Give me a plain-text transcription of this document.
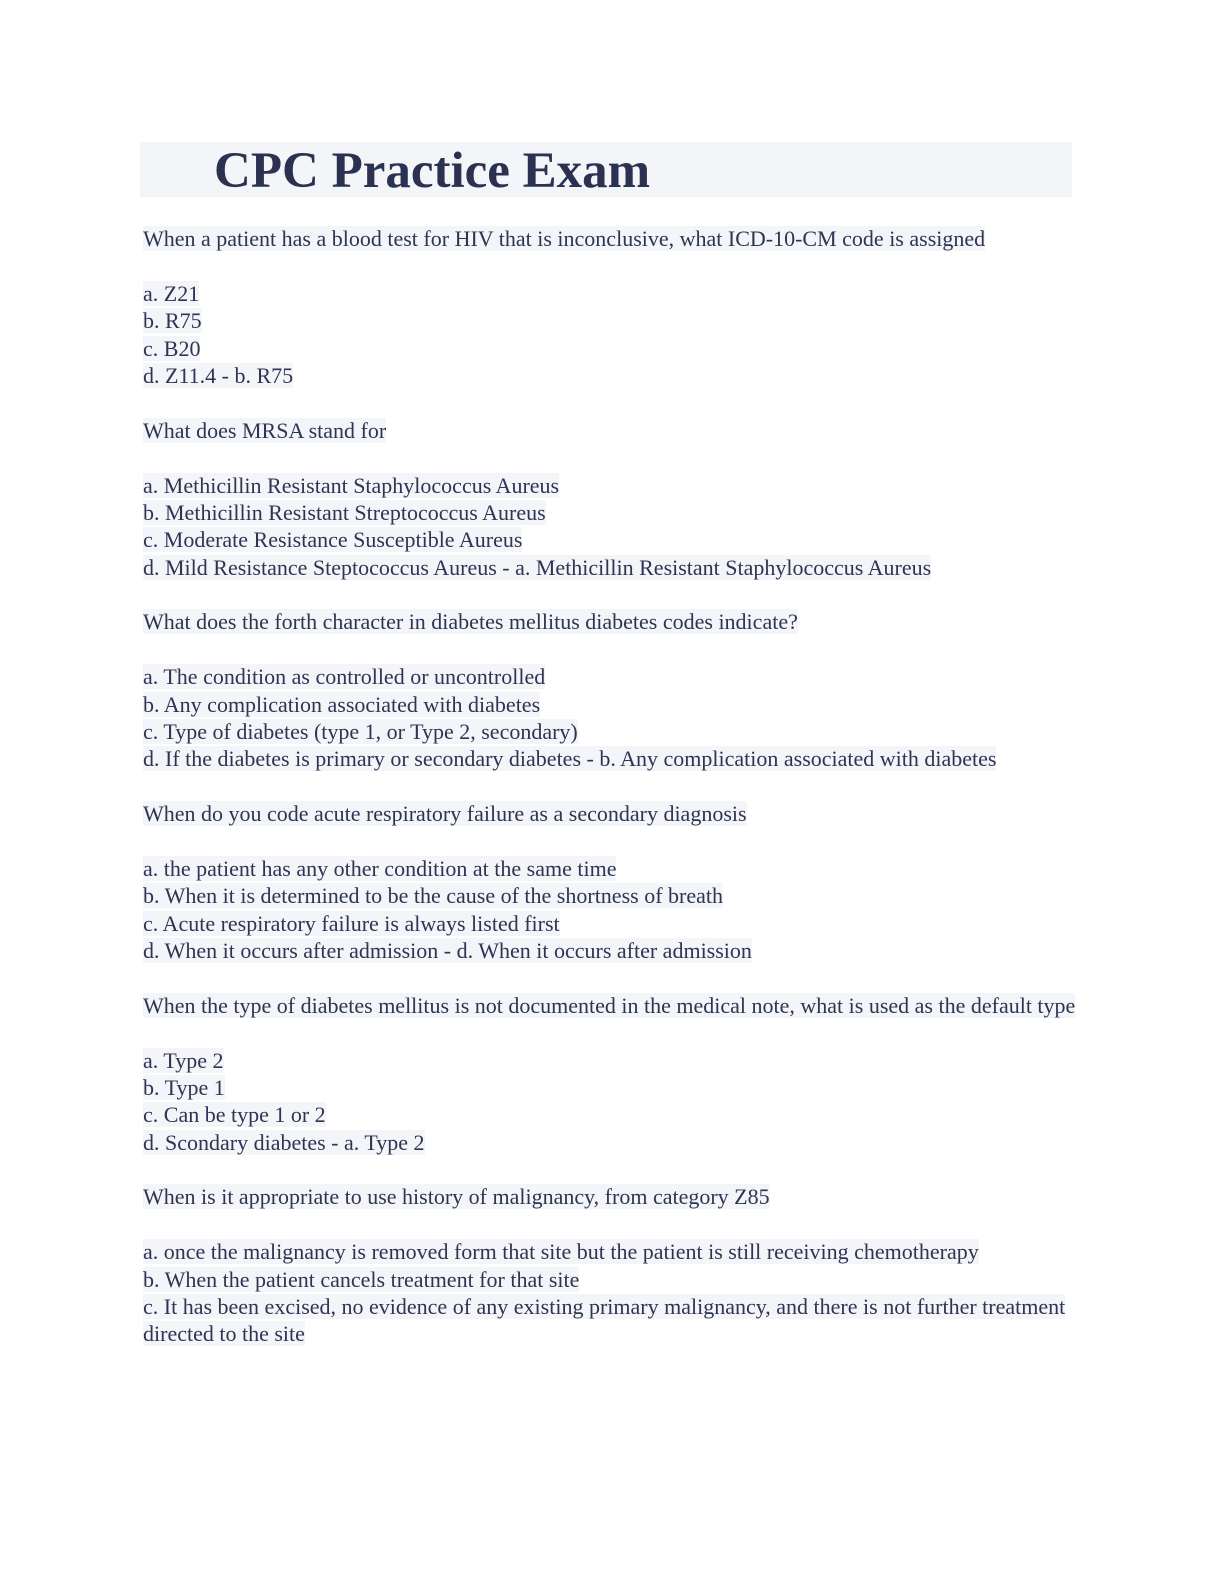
CPC Practice Exam

When a patient has a blood test for HIV that is inconclusive, what ICD-10-CM code is assigned

a. Z21
b. R75
c. B20
d. Z11.4 - b. R75

What does MRSA stand for

a. Methicillin Resistant Staphylococcus Aureus
b. Methicillin Resistant Streptococcus Aureus
c. Moderate Resistance Susceptible Aureus
d. Mild Resistance Steptococcus Aureus - a. Methicillin Resistant Staphylococcus Aureus

What does the forth character in diabetes mellitus diabetes codes indicate?

a. The condition as controlled or uncontrolled
b. Any complication associated with diabetes
c. Type of diabetes (type 1, or Type 2, secondary)
d. If the diabetes is primary or secondary diabetes - b. Any complication associated with diabetes

When do you code acute respiratory failure as a secondary diagnosis

a. the patient has any other condition at the same time
b. When it is determined to be the cause of the shortness of breath
c. Acute respiratory failure is always listed first
d. When it occurs after admission - d. When it occurs after admission

When the type of diabetes mellitus is not documented in the medical note, what is used as the default type

a. Type 2
b. Type 1
c. Can be type 1 or 2
d. Scondary diabetes - a. Type 2

When is it appropriate to use history of malignancy, from category Z85

a. once the malignancy is removed form that site but the patient is still receiving chemotherapy
b. When the patient cancels treatment for that site
c. It has been excised, no evidence of any existing primary malignancy, and there is not further treatment directed to the site
